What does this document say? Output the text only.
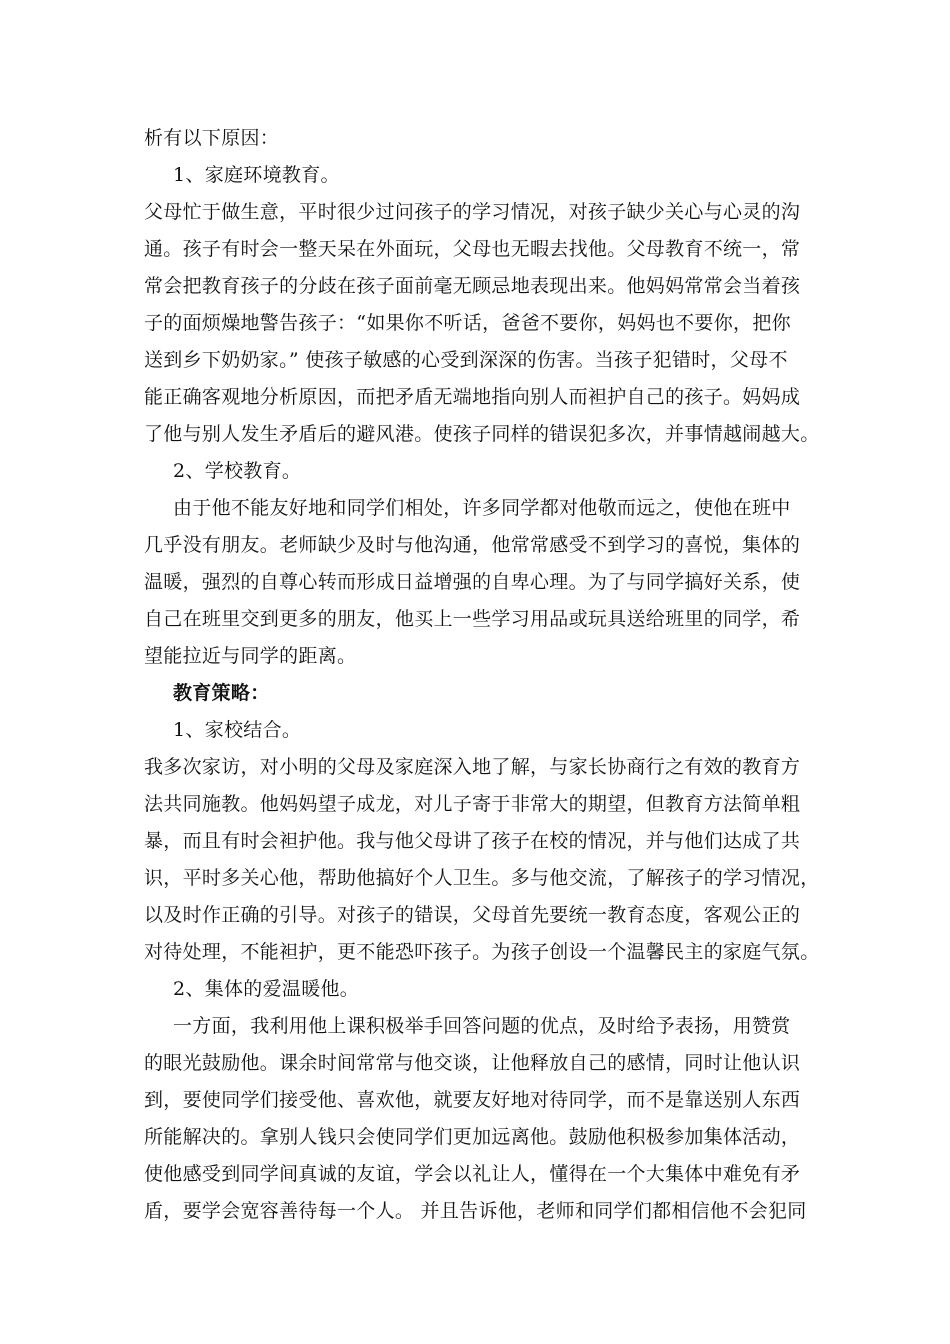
析有以下原因：
1、家庭环境教育。
父母忙于做生意，平时很少过问孩子的学习情况，对孩子缺少关心与心灵的沟
通。孩子有时会一整天呆在外面玩，父母也无暇去找他。父母教育不统一，常
常会把教育孩子的分歧在孩子面前毫无顾忌地表现出来。他妈妈常常会当着孩
子的面烦燥地警告孩子：“如果你不听话，爸爸不要你，妈妈也不要你，把你
送到乡下奶奶家。” 使孩子敏感的心受到深深的伤害。当孩子犯错时，父母不
能正确客观地分析原因，而把矛盾无端地指向别人而袒护自己的孩子。妈妈成
了他与别人发生矛盾后的避风港。使孩子同样的错误犯多次，并事情越闹越大。
2、学校教育。
由于他不能友好地和同学们相处，许多同学都对他敬而远之，使他在班中
几乎没有朋友。老师缺少及时与他沟通，他常常感受不到学习的喜悦，集体的
温暖，强烈的自尊心转而形成日益增强的自卑心理。为了与同学搞好关系，使
自己在班里交到更多的朋友，他买上一些学习用品或玩具送给班里的同学，希
望能拉近与同学的距离。
教育策略：
1、家校结合。
我多次家访，对小明的父母及家庭深入地了解，与家长协商行之有效的教育方
法共同施教。他妈妈望子成龙，对儿子寄于非常大的期望，但教育方法简单粗
暴，而且有时会袒护他。我与他父母讲了孩子在校的情况，并与他们达成了共
识，平时多关心他，帮助他搞好个人卫生。多与他交流，了解孩子的学习情况，
以及时作正确的引导。对孩子的错误，父母首先要统一教育态度，客观公正的
对待处理，不能袒护，更不能恐吓孩子。为孩子创设一个温馨民主的家庭气氛。
2、集体的爱温暖他。
一方面，我利用他上课积极举手回答问题的优点，及时给予表扬，用赞赏
的眼光鼓励他。课余时间常常与他交谈，让他释放自己的感情，同时让他认识
到，要使同学们接受他、喜欢他，就要友好地对待同学，而不是靠送别人东西
所能解决的。拿别人钱只会使同学们更加远离他。鼓励他积极参加集体活动，
使他感受到同学间真诚的友谊，学会以礼让人，懂得在一个大集体中难免有矛
盾，要学会宽容善待每一个人。 并且告诉他，老师和同学们都相信他不会犯同
